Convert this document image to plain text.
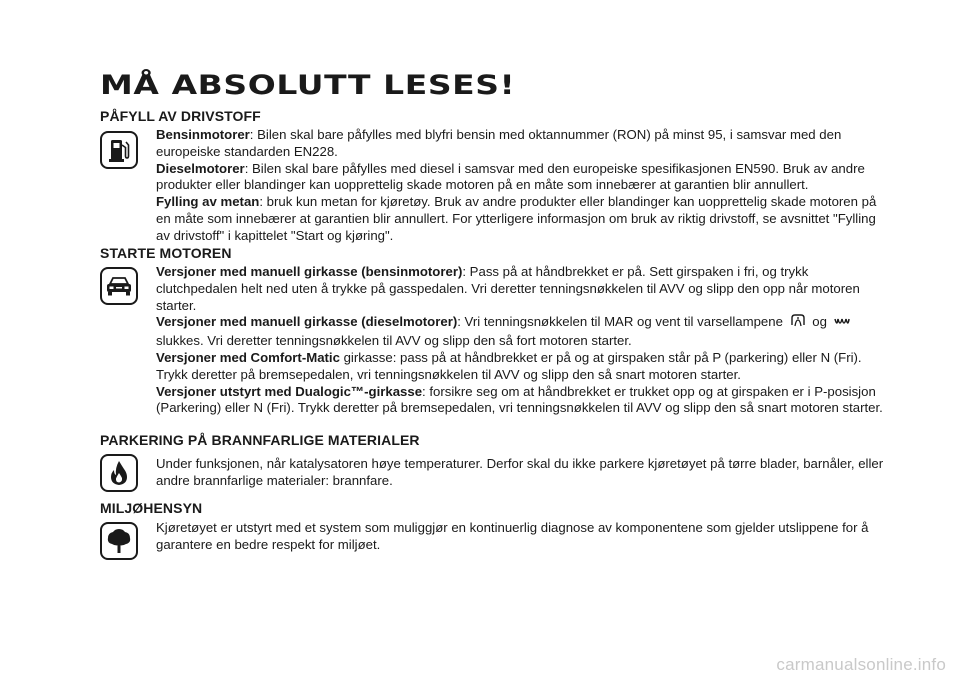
MÅ ABSOLUTT LESES!
PÅFYLL AV DRIVSTOFF

Bensinmotorer: Bilen skal bare påfylles med blyfri bensin med oktannummer (RON) på minst 95, i samsvar med den europeiske standarden EN228.

Dieselmotorer: Bilen skal bare påfylles med diesel i samsvar med den europeiske spesifikasjonen EN590. Bruk av andre produkter eller blandinger kan uopprettelig skade motoren på en måte som innebærer at garantien blir annullert.

Fylling av metan: bruk kun metan for kjøretøy. Bruk av andre produkter eller blandinger kan uopprettelig skade motoren på en måte som innebærer at garantien blir annullert. For ytterligere informasjon om bruk av riktig drivstoff, se avsnittet "Fylling av drivstoff" i kapittelet "Start og kjøring".

STARTE MOTOREN

Versjoner med manuell girkasse (bensinmotorer): Pass på at håndbrekket er på. Sett girspaken i fri, og trykk clutchpedalen helt ned uten å trykke på gasspedalen. Vri deretter tenningsnøkkelen til AVV og slipp den opp når motoren starter.

Versjoner med manuell girkasse (dieselmotorer): Vri tenningsnøkkelen til MAR og vent til varsellampene og  slukkes. Vri deretter tenningsnøkkelen til AVV og slipp den så fort motoren starter.

Versjoner med Comfort-Matic girkasse: pass på at håndbrekket er på og at girspaken står på P (parkering) eller N (Fri). Trykk deretter på bremsepedalen, vri tenningsnøkkelen til AVV og slipp den så snart motoren starter.

Versjoner utstyrt med Dualogic™-girkasse: forsikre seg om at håndbrekket er trukket opp og at girspaken er i P-posisjon (Parkering) eller N (Fri). Trykk deretter på bremsepedalen, vri tenningsnøkkelen til AVV og slipp den så snart motoren starter.

PARKERING PÅ BRANNFARLIGE MATERIALER

Under funksjonen, når katalysatoren høye temperaturer. Derfor skal du ikke parkere kjøretøyet på tørre blader, barnåler, eller andre brannfarlige materialer: brannfare.

MILJØHENSYN

Kjøretøyet er utstyrt med et system som muliggjør en kontinuerlig diagnose av komponentene som gjelder utslippene for å garantere en bedre respekt for miljøet.

carmanualsonline.info
